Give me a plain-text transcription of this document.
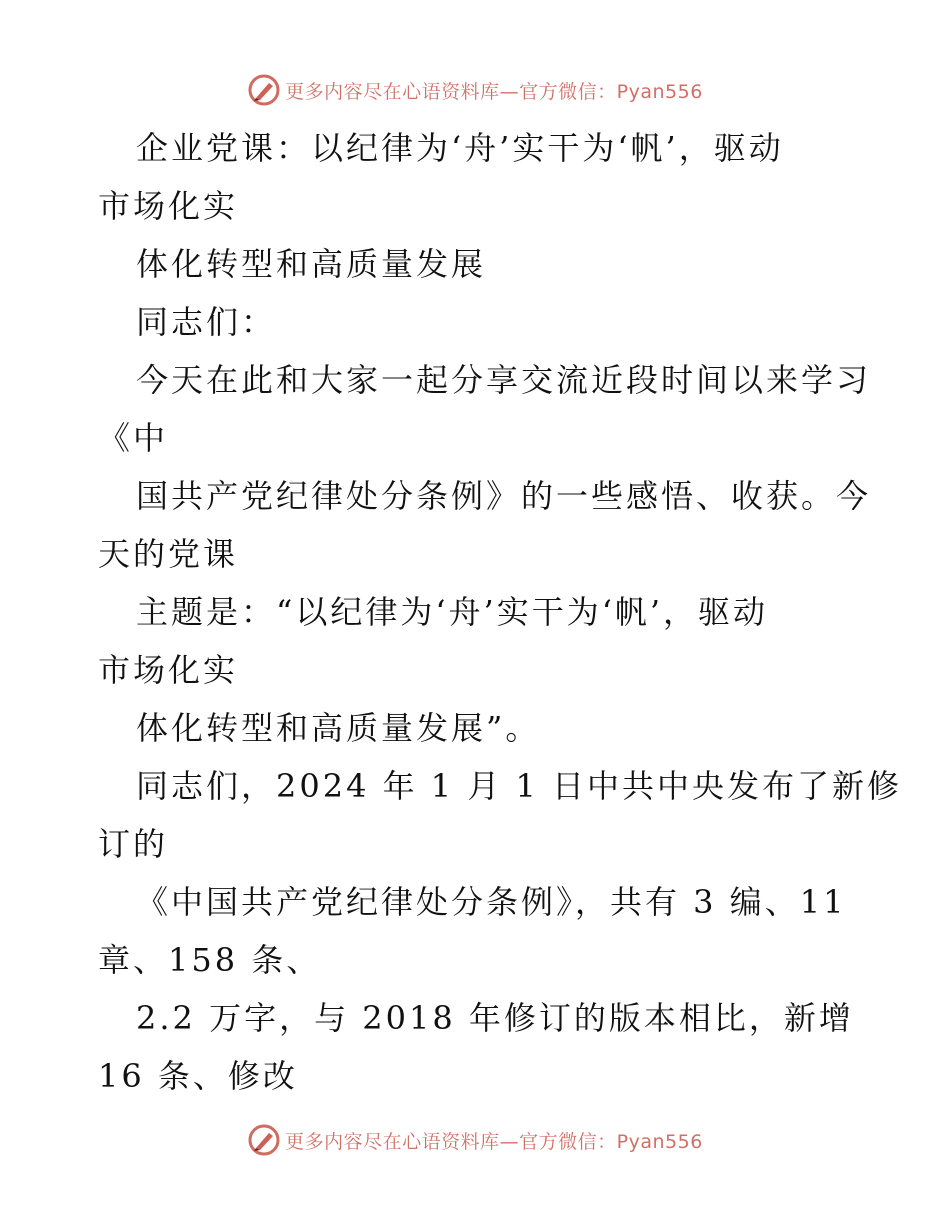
更多内容尽在心语资料库—官方微信：Pyan556
企业党课：以纪律为‘舟’实干为‘帆’，驱动
市场化实
体化转型和高质量发展
同志们：
今天在此和大家一起分享交流近段时间以来学习
《中
国共产党纪律处分条例》的一些感悟、收获。今
天的党课
主题是：“以纪律为‘舟’实干为‘帆’，驱动
市场化实
体化转型和高质量发展”。
同志们，2024 年 1 月 1 日中共中央发布了新修
订的
《中国共产党纪律处分条例》，共有 3 编、11
章、158 条、
2.2 万字，与 2018 年修订的版本相比，新增
16 条、修改
更多内容尽在心语资料库—官方微信：Pyan556
